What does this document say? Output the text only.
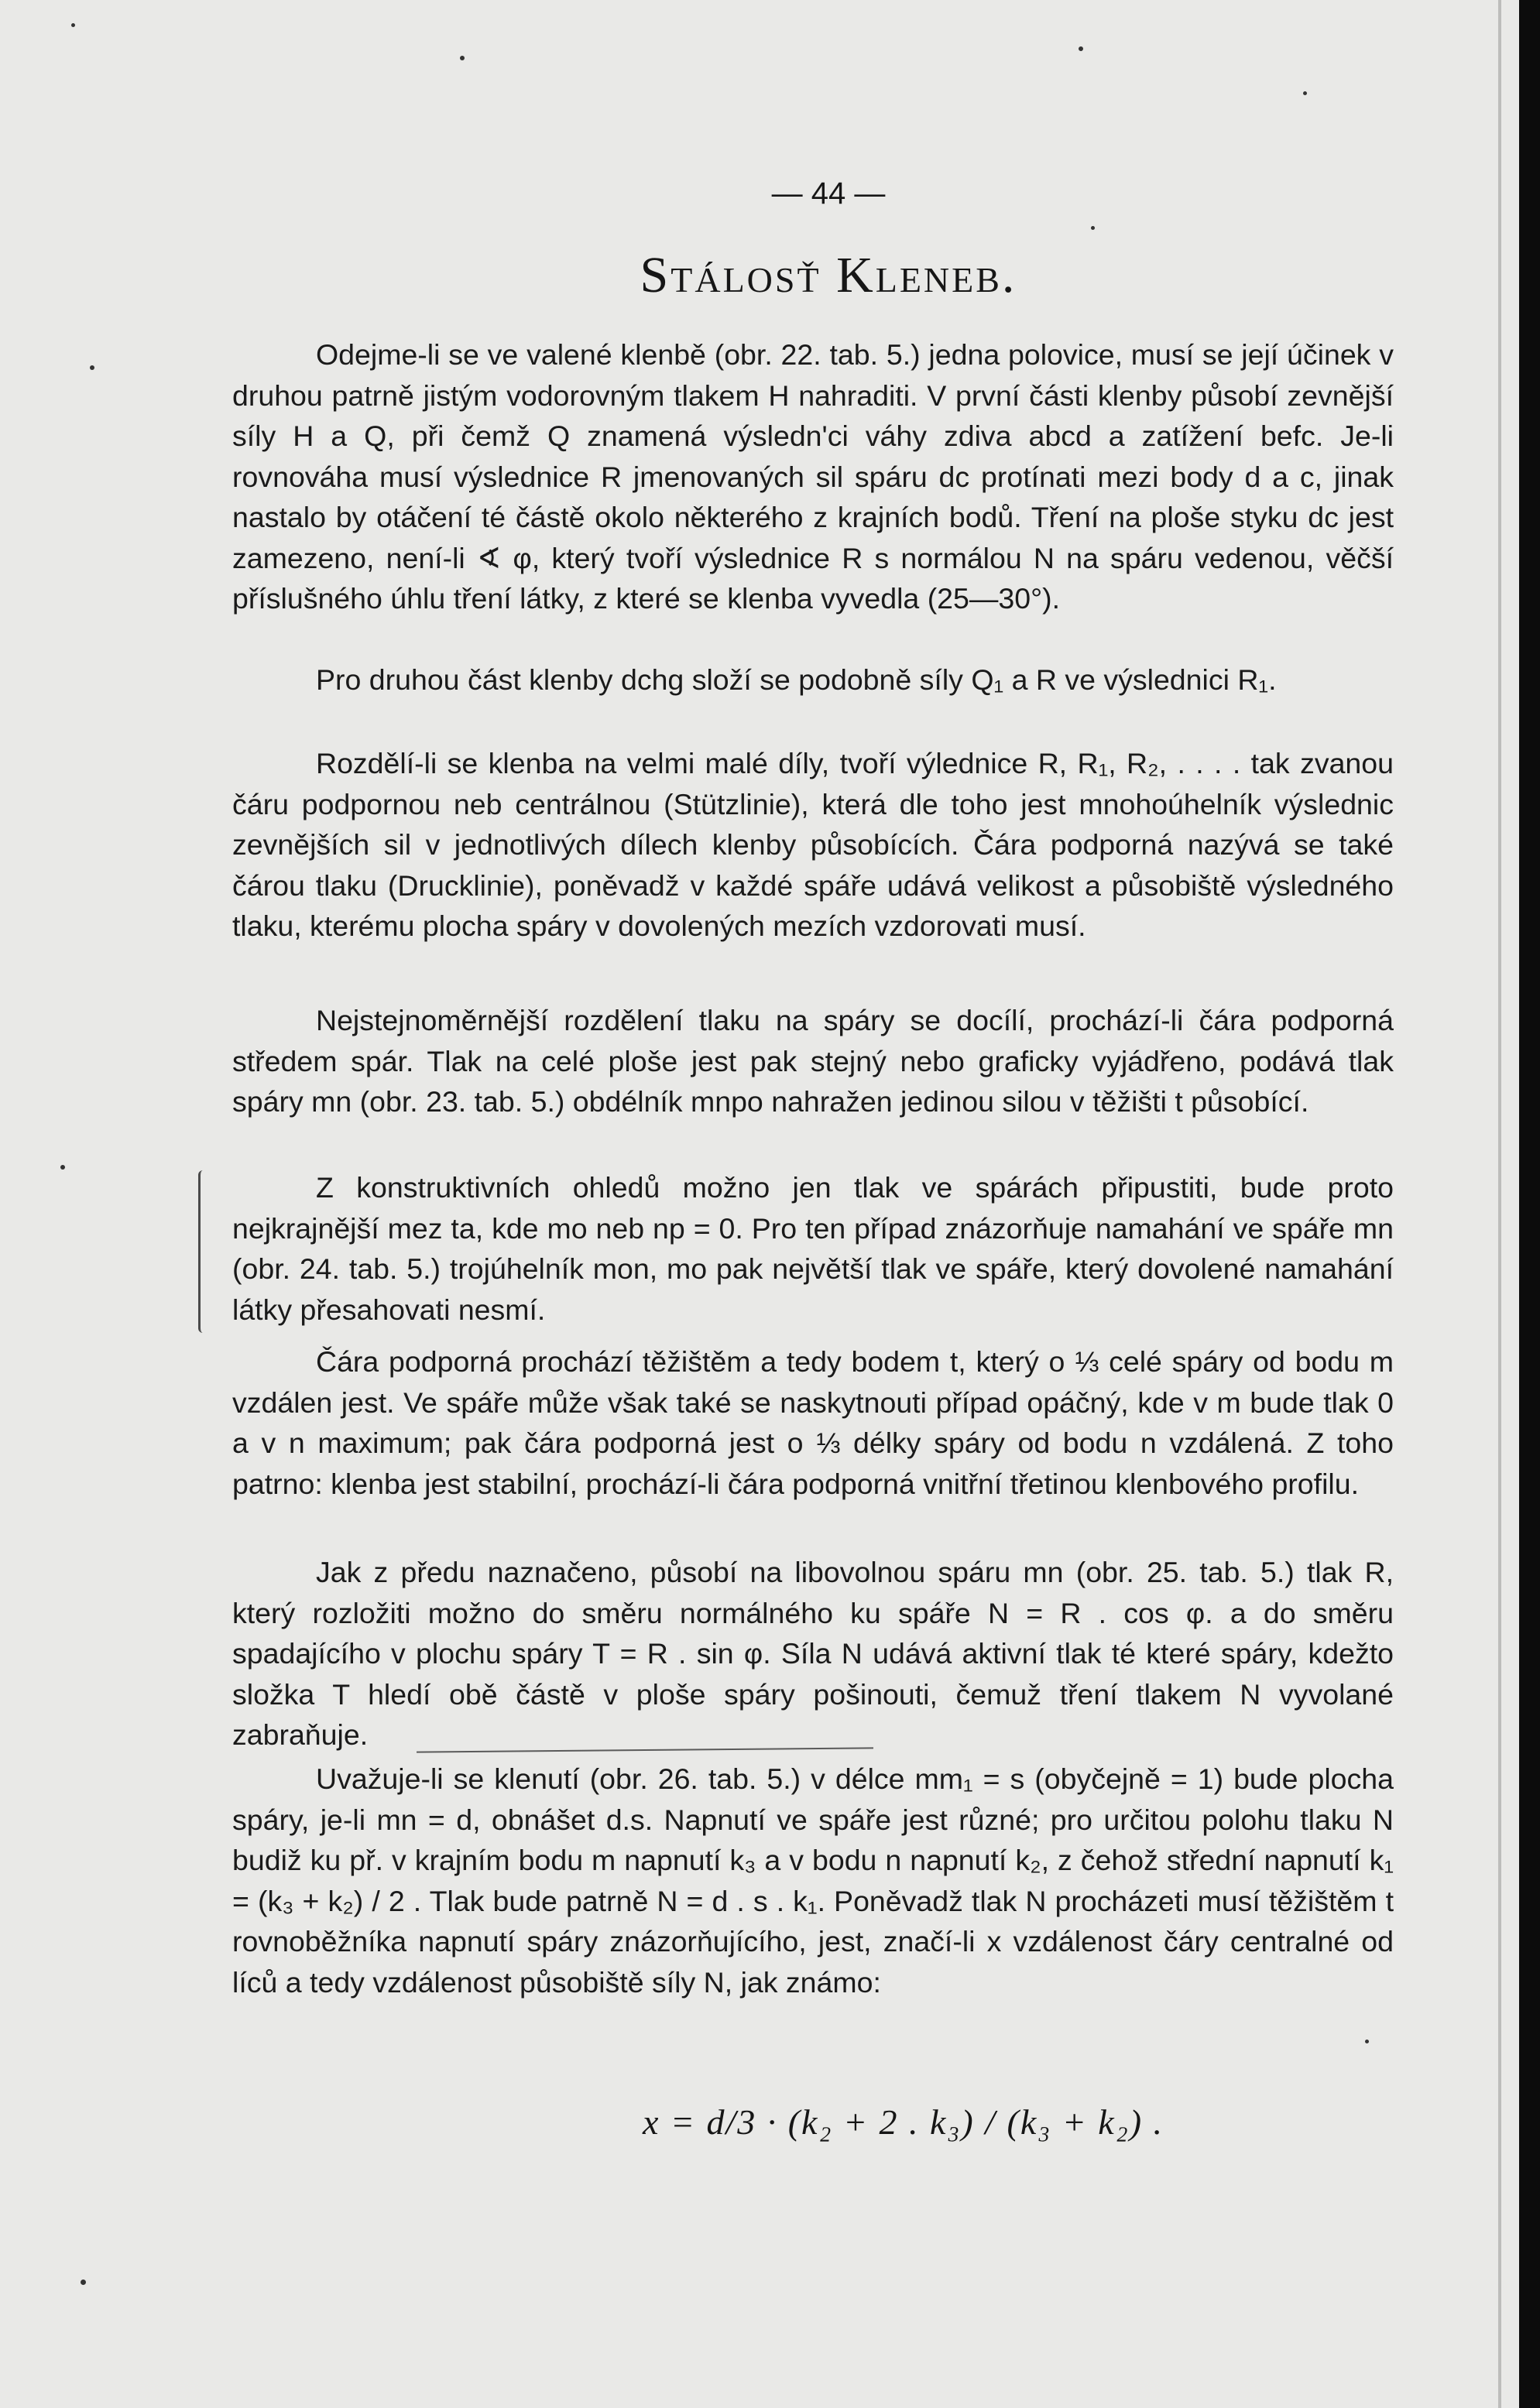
— 44 —
Stálosť Kleneb.

Odejme-li se ve valené klenbě (obr. 22. tab. 5.) jedna polovice, musí se její účinek v druhou patrně jistým vodorovným tlakem H nahraditi. V první části klenby působí zevnější síly H a Q, při čemž Q znamená výsledn'ci váhy zdiva abcd a zatížení befc. Je-li rovnováha musí výslednice R jmenovaných sil spáru dc protínati mezi body d a c, jinak nastalo by otáčení té částě okolo některého z krajních bodů. Tření na ploše styku dc jest zamezeno, není-li ∢ φ, který tvoří výslednice R s normálou N na spáru vedenou, věčší příslušného úhlu tření látky, z které se klenba vyvedla (25—30°).

Pro druhou část klenby dchg složí se podobně síly Q₁ a R ve výslednici R₁.

Rozdělí-li se klenba na velmi malé díly, tvoří výlednice R, R₁, R₂, . . . . tak zvanou čáru podpornou neb centrálnou (Stützlinie), která dle toho jest mnohoúhelník výslednic zevnějších sil v jednotlivých dílech klenby působících. Čára podporná nazývá se také čárou tlaku (Drucklinie), poněvadž v každé spáře udává velikost a působiště výsledného tlaku, kterému plocha spáry v dovolených mezích vzdorovati musí.

Nejstejnoměrnější rozdělení tlaku na spáry se docílí, prochází-li čára podporná středem spár. Tlak na celé ploše jest pak stejný nebo graficky vyjádřeno, podává tlak spáry mn (obr. 23. tab. 5.) obdélník mnpo nahražen jedinou silou v těžišti t působící.

Z konstruktivních ohledů možno jen tlak ve spárách připustiti, bude proto nejkrajnější mez ta, kde mo neb np = 0. Pro ten případ znázorňuje namahání ve spáře mn (obr. 24. tab. 5.) trojúhelník mon, mo pak největší tlak ve spáře, který dovolené namahání látky přesahovati nesmí.

Čára podporná prochází těžištěm a tedy bodem t, který o ⅓ celé spáry od bodu m vzdálen jest. Ve spáře může však také se naskytnouti případ opáčný, kde v m bude tlak 0 a v n maximum; pak čára podporná jest o ⅓ délky spáry od bodu n vzdálená. Z toho patrno: klenba jest stabilní, prochází-li čára podporná vnitřní třetinou klenbového profilu.

Jak z předu naznačeno, působí na libovolnou spáru mn (obr. 25. tab. 5.) tlak R, který rozložiti možno do směru normálného ku spáře N = R . cos φ. a do směru spadajícího v plochu spáry T = R . sin φ. Síla N udává aktivní tlak té které spáry, kdežto složka T hledí obě částě v ploše spáry pošinouti, čemuž tření tlakem N vyvolané zabraňuje.

Uvažuje-li se klenutí (obr. 26. tab. 5.) v délce mm₁ = s (obyčejně = 1) bude plocha spáry, je-li mn = d, obnášet d.s. Napnutí ve spáře jest různé; pro určitou polohu tlaku N budiž ku př. v krajním bodu m napnutí k₃ a v bodu n napnutí k₂, z čehož střední napnutí k₁ = (k₃ + k₂) / 2 . Tlak bude patrně N = d . s . k₁. Poněvadž tlak N procházeti musí těžištěm t rovnoběžníka napnutí spáry znázorňujícího, jest, značí-li x vzdálenost čáry centralné od líců a tedy vzdálenost působiště síly N, jak známo:

x = d/3 · (k₂ + 2 . k₃) / (k₃ + k₂) .
